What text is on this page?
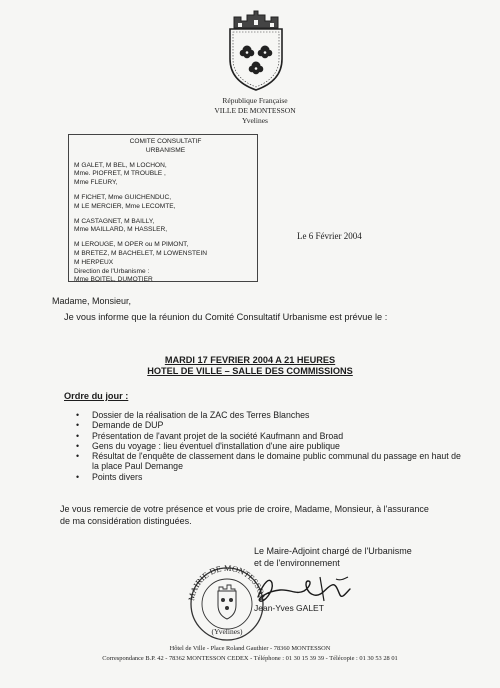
République Française
VILLE DE MONTESSON
Yvelines
COMITE CONSULTATIF
URBANISME
M GALET, M BEL, M LOCHON,
Mme. PIOFRET, M TROUBLE ,
Mme FLEURY,
M FICHET, Mme GUICHENDUC,
M LE MERCIER, Mme LECOMTE,
M CASTAGNET, M BAILLY,
Mme MAILLARD, M HASSLER,
M LEROUGE, M OPER ou M PIMONT,
M BRETEZ, M BACHELET, M LOWENSTEIN
M HERPEUX
Direction de l'Urbanisme :
Mme BOITEL, DUMOTIER
Le 6 Février 2004
Madame, Monsieur,
Je vous informe que la réunion du Comité Consultatif Urbanisme est prévue le :
MARDI 17 FEVRIER 2004 A 21 HEURES
HOTEL DE VILLE – SALLE DES COMMISSIONS
Ordre du jour :
• Dossier de la réalisation de la ZAC des Terres Blanches
• Demande de DUP
• Présentation de l'avant projet de la société Kaufmann and Broad
• Gens du voyage : lieu éventuel d'installation d'une aire publique
• Résultat de l'enquête de classement dans le domaine public communal du passage en haut de la place Paul Demange
• Points divers
Je vous remercie de votre présence et vous prie de croire, Madame, Monsieur, à l'assurance de ma considération distinguées.
Le Maire-Adjoint chargé de l'Urbanisme
et de l'environnement
MAIRIE DE MONTESSON
(Yvelines)
Jean-Yves GALET
Hôtel de Ville - Place Roland Gauthier - 78360 MONTESSON
Correspondance B.P. 42 - 78362 MONTESSON CEDEX - Téléphone : 01 30 15 39 39 - Télécopie : 01 30 53 28 01
